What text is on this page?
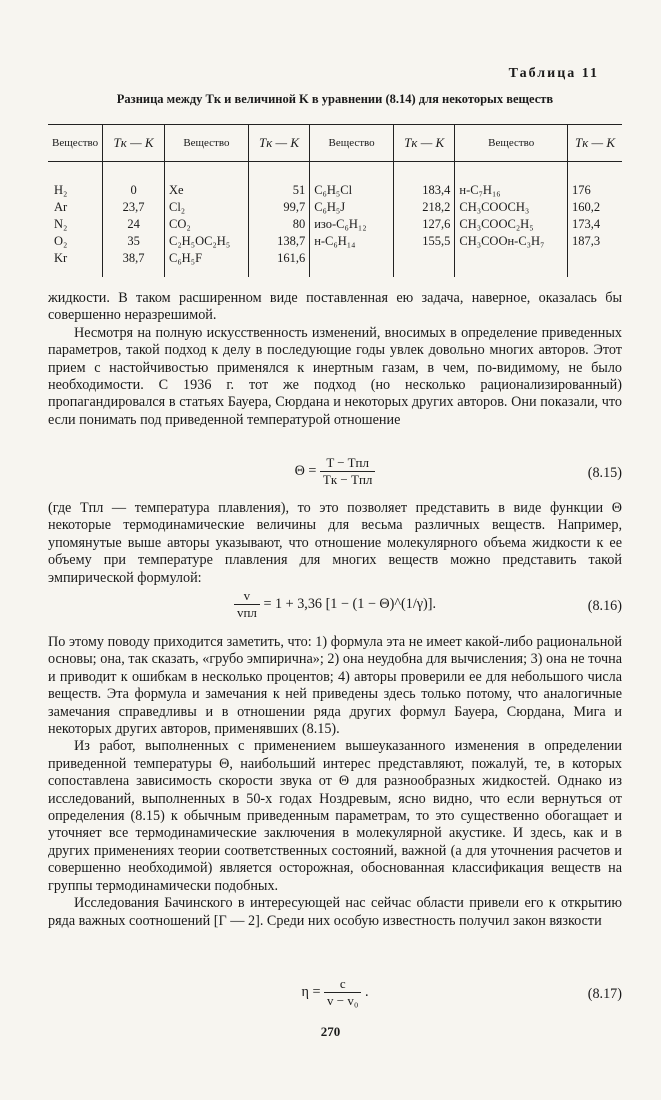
Таблица 11
Разница между Tк и величиной K в уравнении (8.14) для некоторых веществ
Вещество	Tк — K	Вещество	Tк — K	Вещество	Tк — K	Вещество	Tк — K
H₂	0	Xe	51	C₆H₅Cl	183,4	н-C₇H₁₆	176
Ar	23,7	Cl₂	99,7	C₆H₅J	218,2	CH₃COOCH₃	160,2
N₂	24	CO₂	80	изо-C₆H₁₂	127,6	CH₃COOC₂H₅	173,4
O₂	35	C₂H₅OC₂H₅	138,7	н-C₆H₁₄	155,5	CH₃COOн-C₃H₇	187,3
Kr	38,7	C₆H₅F	161,6				

жидкости. В таком расширенном виде поставленная ею задача, наверное, оказалась бы совершенно неразрешимой.

Несмотря на полную искусственность изменений, вносимых в определение приведенных параметров, такой подход к делу в последующие годы увлек довольно многих авторов. Этот прием с настойчивостью применялся к инертным газам, в чем, по-видимому, не было необходимости. С 1936 г. тот же подход (но несколько рационализированный) пропагандировался в статьях Бауера, Сюрдана и некоторых других авторов. Они показали, что если понимать под приведенной температурой отношение

$\Theta = \frac{\text{T − Tпл}}{\text{Tк − Tпл}}$	(8.15)

(где Tпл — температура плавления), то это позволяет представить в виде функции Θ некоторые термодинамические величины для весьма различных веществ. Например, упомянутые выше авторы указывают, что отношение молекулярного объема жидкости к ее объему при температуре плавления для многих веществ можно представить такой эмпирической формулой:

$\frac{v}{\text{vпл}} = 1 + 3,36$ [1 − (1 − Θ)^(1/γ)].	(8.16)

По этому поводу приходится заметить, что: 1) формула эта не имеет какой-либо рациональной основы; она, так сказать, «грубо эмпирична»; 2) она неудобна для вычисления; 3) она не точна и приводит к ошибкам в несколько процентов; 4) авторы проверили ее для небольшого числа веществ. Эта формула и замечания к ней приведены здесь только потому, что аналогичные замечания справедливы и в отношении ряда других формул Бауера, Сюрдана, Мига и некоторых других авторов, применявших (8.15).

Из работ, выполненных с применением вышеуказанного изменения в определении приведенной температуры Θ, наибольший интерес представляют, пожалуй, те, в которых сопоставлена зависимость скорости звука от Θ для разнообразных жидкостей. Однако из исследований, выполненных в 50-х годах Ноздревым, ясно видно, что если вернуться от определения (8.15) к обычным приведенным параметрам, то это существенно обогащает и уточняет все термодинамические заключения в молекулярной акустике. И здесь, как и в других применениях теории соответственных состояний, важной (а для уточнения расчетов и совершенно необходимой) является осторожная, обоснованная классификация веществ на группы термодинамически подобных.

Исследования Бачинского в интересующей нас сейчас области привели его к открытию ряда важных соотношений [Г — 2]. Среди них особую известность получил закон вязкости

$\eta = \frac{c}{\text{v − v₀}}$ .	(8.17)
270
